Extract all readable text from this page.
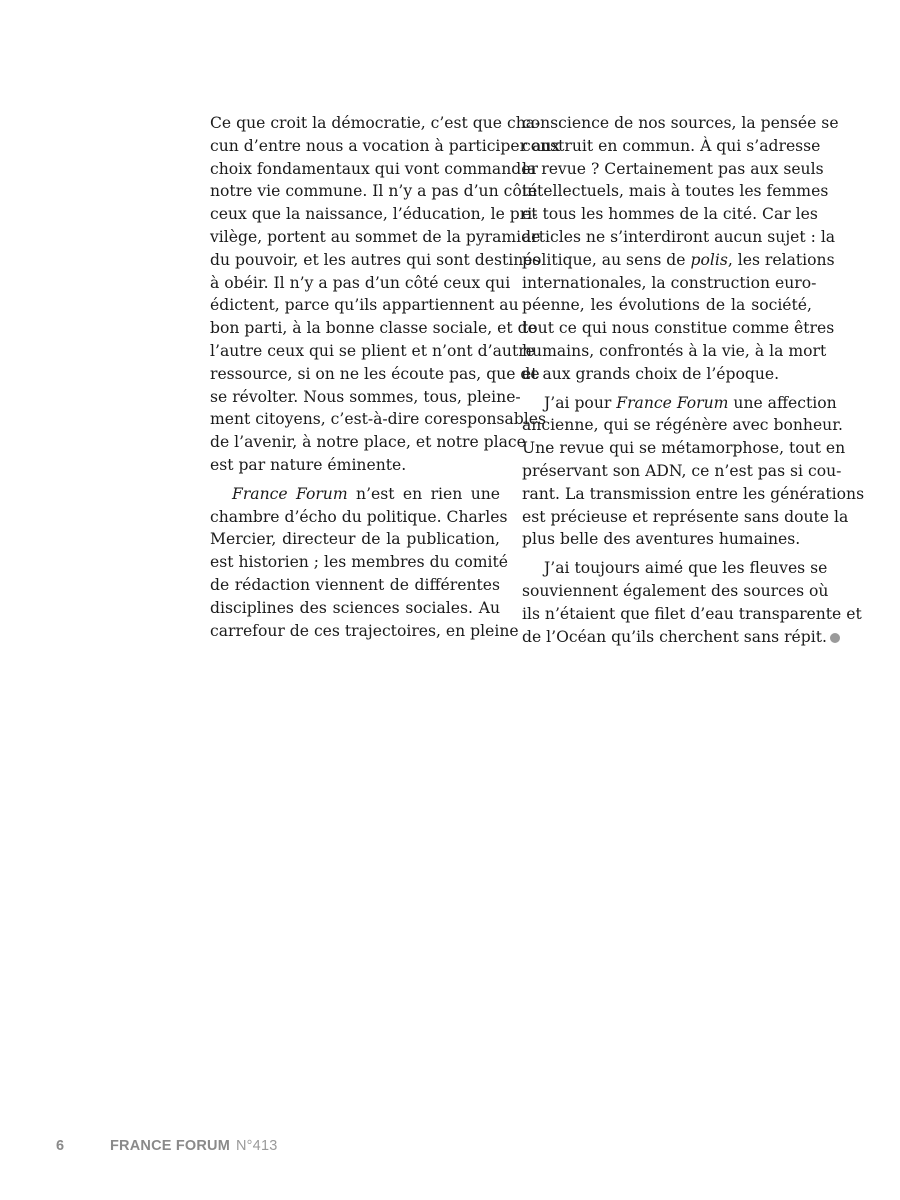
Ce que croit la démocratie, c’est que cha-
cun d’entre nous a vocation à participer aux
choix fondamentaux qui vont commander
notre vie commune. Il n’y a pas d’un côté
ceux que la naissance, l’éducation, le pri-
vilège, portent au sommet de la pyramide
du pouvoir, et les autres qui sont destinés
à obéir. Il n’y a pas d’un côté ceux qui
édictent, parce qu’ils appartiennent au
bon parti, à la bonne classe sociale, et de
l’autre ceux qui se plient et n’ont d’autre
ressource, si on ne les écoute pas, que de
se révolter. Nous sommes, tous, pleine-
ment citoyens, c’est-à-dire coresponsables
de l’avenir, à notre place, et notre place
est par nature éminente.
France Forum n’est en rien une
chambre d’écho du politique. Charles
Mercier, directeur de la publication,
est historien ; les membres du comité
de rédaction viennent de différentes
disciplines des sciences sociales. Au
carrefour de ces trajectoires, en pleine
conscience de nos sources, la pensée se
construit en commun. À qui s’adresse
la revue ? Certainement pas aux seuls
intellectuels, mais à toutes les femmes
et tous les hommes de la cité. Car les
articles ne s’interdiront aucun sujet : la
politique, au sens de polis, les relations
internationales, la construction euro-
péenne, les évolutions de la société,
tout ce qui nous constitue comme êtres
humains, confrontés à la vie, à la mort
et aux grands choix de l’époque.
J’ai pour France Forum une affection
ancienne, qui se régénère avec bonheur.
Une revue qui se métamorphose, tout en
préservant son ADN, ce n’est pas si cou-
rant. La transmission entre les générations
est précieuse et représente sans doute la
plus belle des aventures humaines.
J’ai toujours aimé que les fleuves se
souviennent également des sources où
ils n’étaient que filet d’eau transparente et
de l’Océan qu’ils cherchent sans répit.
6	FRANCE FORUM N°413
